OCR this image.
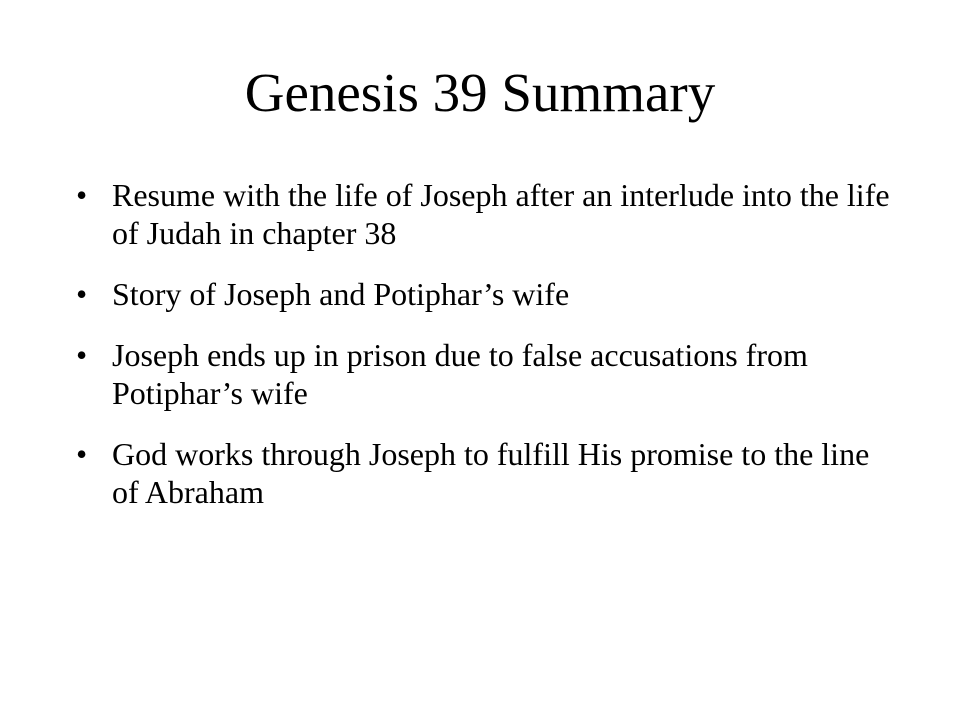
Genesis 39 Summary
• Resume with the life of Joseph after an interlude into the life of Judah in chapter 38
• Story of Joseph and Potiphar’s wife
• Joseph ends up in prison due to false accusations from Potiphar’s wife
• God works through Joseph to fulfill His promise to the line of Abraham
